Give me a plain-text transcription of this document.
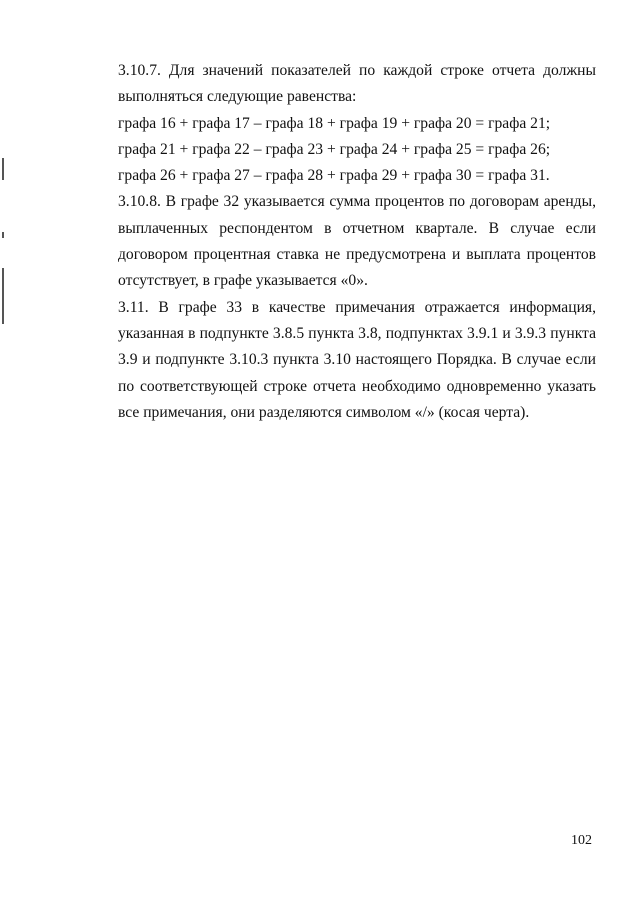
3.10.7. Для значений показателей по каждой строке отчета должны выполняться следующие равенства:

графа 16 + графа 17 – графа 18 + графа 19 + графа 20 = графа 21;

графа 21 + графа 22 – графа 23 + графа 24 + графа 25 = графа 26;

графа 26 + графа 27 – графа 28 + графа 29 + графа 30 = графа 31.

3.10.8. В графе 32 указывается сумма процентов по договорам аренды, выплаченных респондентом в отчетном квартале. В случае если договором процентная ставка не предусмотрена и выплата процентов отсутствует, в графе указывается «0».

3.11. В графе 33 в качестве примечания отражается информация, указанная в подпункте 3.8.5 пункта 3.8, подпунктах 3.9.1 и 3.9.3 пункта 3.9 и подпункте 3.10.3 пункта 3.10 настоящего Порядка. В случае если по соответствующей строке отчета необходимо одновременно указать все примечания, они разделяются символом «/» (косая черта).

102
